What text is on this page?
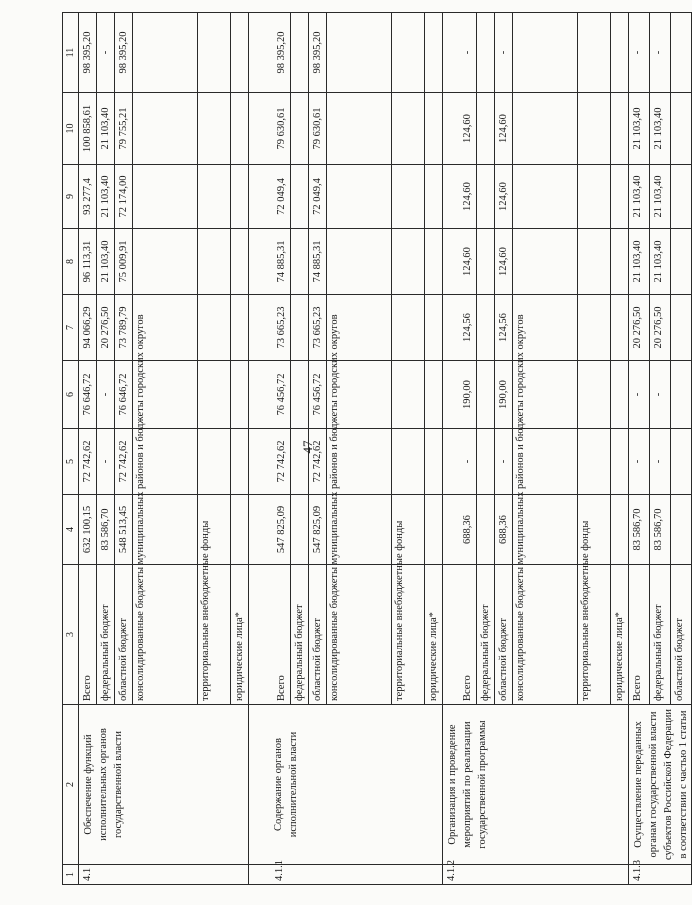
47
1	2	3	4	5	6	7	8	9	10	11
4.1	Обеспечение функций исполнительных органов государственной власти	Всего	632 100,15	72 742,62	76 646,72	94 066,29	96 113,31	93 277,4	100 858,61	98 395,20
		федеральный бюджет	83 586,70	-	-	20 276,50	21 103,40	21 103,40	21 103,40	-
		областной бюджет	548 513,45	72 742,62	76 646,72	73 789,79	75 009,91	72 174,00	79 755,21	98 395,20
		консолидированные бюджеты муниципальных районов и бюджеты городских округов								
		территориальные внебюджетные фонды								
		юридические лица*								
4.1.1	Содержание органов исполнительной власти	Всего	547 825,09	72 742,62	76 456,72	73 665,23	74 885,31	72 049,4	79 630,61	98 395,20
		федеральный бюджет								
		областной бюджет	547 825,09	72 742,62	76 456,72	73 665,23	74 885,31	72 049,4	79 630,61	98 395,20
		консолидированные бюджеты муниципальных районов и бюджеты городских округов								
		территориальные внебюджетные фонды								
		юридические лица*								
4.1.2	Организация и проведение мероприятий по реализации государственной программы	Всего	688,36	-	190,00	124,56	124,60	124,60	124,60	-
		федеральный бюджет								
		областной бюджет	688,36	-	190,00	124,56	124,60	124,60	124,60	-
		консолидированные бюджеты муниципальных районов и бюджеты городских округов								
		территориальные внебюджетные фонды								
		юридические лица*								
4.1.3	Осуществление переданных органам государственной власти субъектов Российской Федерации в соответствии с частью 1 статьи	Всего	83 586,70	-	-	20 276,50	21 103,40	21 103,40	21 103,40	-
		федеральный бюджет	83 586,70	-	-	20 276,50	21 103,40	21 103,40	21 103,40	-
		областной бюджет								
